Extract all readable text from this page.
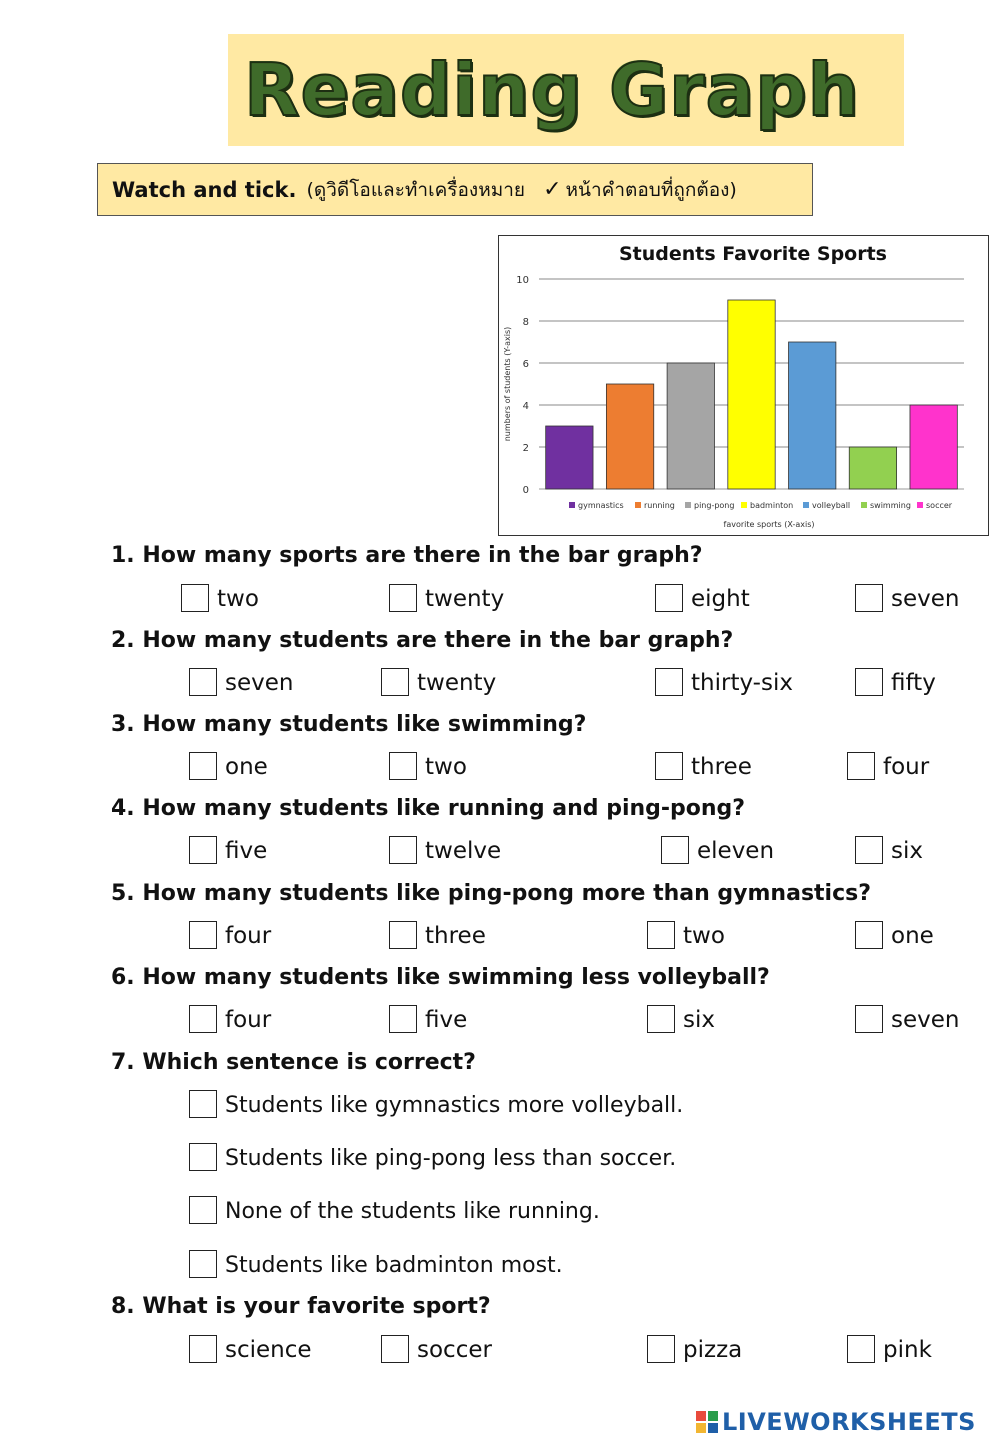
Reading Graph
Watch and tick. (ดูวิดีโอและทำเครื่องหมาย ✓ หน้าคำตอบที่ถูกต้อง)
Students Favorite Sports
0
2
4
6
8
10
numbers of students (Y-axis)
gymnastics	running ping-pong badminton volleyball swimming soccer
favorite sports (X-axis)
1. How many sports are there in the bar graph?
two	twenty	eight	seven
2. How many students are there in the bar graph?
seven	twenty	thirty-six	fifty
3. How many students like swimming?
one	two	three	four
4. How many students like running and ping-pong?
five	twelve	eleven	six
5. How many students like ping-pong more than gymnastics?
four	three	two	one
6. How many students like swimming less volleyball?
four	five	six	seven
7. Which sentence is correct?
Students like gymnastics more volleyball.
Students like ping-pong less than soccer.
None of the students like running.
Students like badminton most.
8. What is your favorite sport?
science	soccer	pizza	pink
LIVEWORKSHEETS
